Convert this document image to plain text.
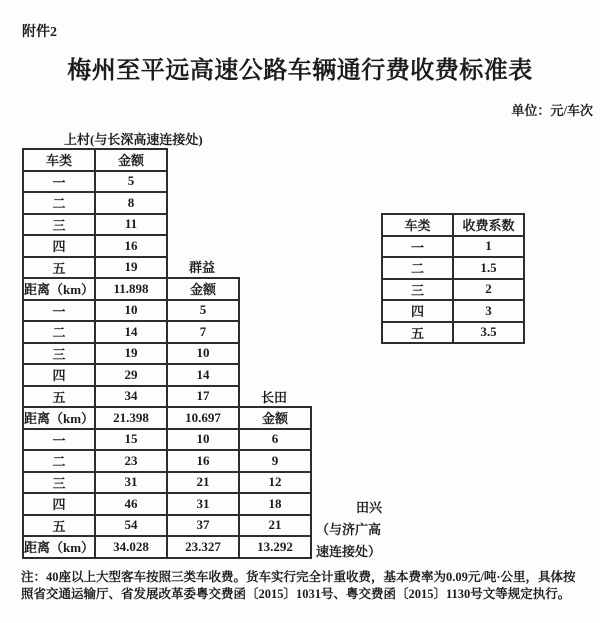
附件2
梅州至平远高速公路车辆通行费收费标准表
单位：元/车次
上村(与长深高速连接处)
车类	金额
一	5
二	8
三	11
四	16
五	19
距离（km）	11.898	金额
一	10	5
二	14	7
三	19	10
四	29	14
五	34	17
距离（km）	21.398	10.697	金额
一	15	10	6
二	23	16	9
三	31	21	12
四	46	31	18
五	54	37	21
距离（km）	34.028	23.327	13.292
群益
长田
田兴
（与济广高
速连接处）
车类	收费系数
一	1
二	1.5
三	2
四	3
五	3.5
注：40座以上大型客车按照三类车收费。货车实行完全计重收费，基本费率为0.09元/吨·公里，具体按
照省交通运输厅、省发展改革委粤交费函〔2015〕1031号、粤交费函〔2015〕1130号文等规定执行。
